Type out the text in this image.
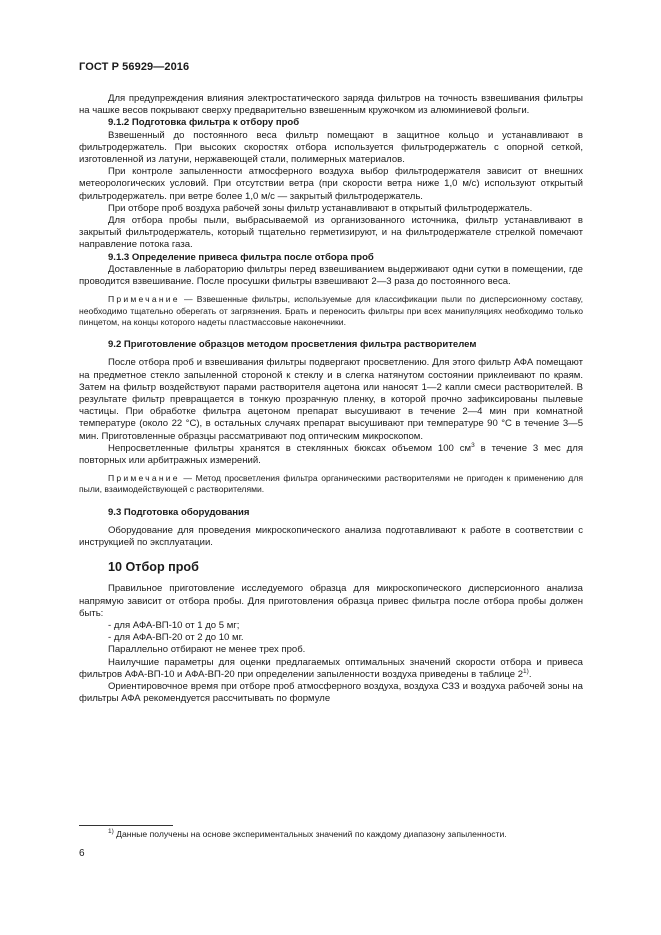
ГОСТ Р 56929—2016

Для предупреждения влияния электростатического заряда фильтров на точность взвешивания фильтры на чашке весов покрывают сверху предварительно взвешенным кружочком из алюминиевой фольги.

9.1.2 Подготовка фильтра к отбору проб

Взвешенный до постоянного веса фильтр помещают в защитное кольцо и устанавливают в фильтродержатель. При высоких скоростях отбора используется фильтродержатель с опорной сеткой, изготовленной из латуни, нержавеющей стали, полимерных материалов.

При контроле запыленности атмосферного воздуха выбор фильтродержателя зависит от внешних метеорологических условий. При отсутствии ветра (при скорости ветра ниже 1,0 м/с) используют открытый фильтродержатель. при ветре более 1,0 м/с — закрытый фильтродержатель.

При отборе проб воздуха рабочей зоны фильтр устанавливают в открытый фильтродержатель.

Для отбора пробы пыли, выбрасываемой из организованного источника, фильтр устанавливают в закрытый фильтродержатель, который тщательно герметизируют, и на фильтродержателе стрелкой помечают направление потока газа.

9.1.3 Определение привеса фильтра после отбора проб

Доставленные в лабораторию фильтры перед взвешиванием выдерживают одни сутки в помещении, где проводится взвешивание. После просушки фильтры взвешивают 2—3 раза до постоянного веса.

Примечание — Взвешенные фильтры, используемые для классификации пыли по дисперсионному составу, необходимо тщательно оберегать от загрязнения. Брать и переносить фильтры при всех манипуляциях необходимо только пинцетом, на концы которого надеты пластмассовые наконечники.

9.2 Приготовление образцов методом просветления фильтра растворителем

После отбора проб и взвешивания фильтры подвергают просветлению. Для этого фильтр АФА помещают на предметное стекло запыленной стороной к стеклу и в слегка натянутом состоянии приклеивают по краям. Затем на фильтр воздействуют парами растворителя ацетона или наносят 1—2 капли смеси растворителей. В результате фильтр превращается в тонкую прозрачную пленку, в которой прочно зафиксированы пылевые частицы. При обработке фильтра ацетоном препарат высушивают в течение 2—4 мин при комнатной температуре (около 22 °С), в остальных случаях препарат высушивают при температуре 90 °С в течение 3—5 мин. Приготовленные образцы рассматривают под оптическим микроскопом.

Непросветленные фильтры хранятся в стеклянных бюксах объемом 100 $см^3$ в течение 3 мес для повторных или арбитражных измерений.

Примечание — Метод просветления фильтра органическими растворителями не пригоден к применению для пыли, взаимодействующей с растворителями.

9.3 Подготовка оборудования

Оборудование для проведения микроскопического анализа подготавливают к работе в соответствии с инструкцией по эксплуатации.

10 Отбор проб

Правильное приготовление исследуемого образца для микроскопического дисперсионного анализа напрямую зависит от отбора пробы. Для приготовления образца привес фильтра после отбора пробы должен быть:

- для АФА-ВП-10 от 1 до 5 мг;

- для АФА-ВП-20 от 2 до 10 мг.

Параллельно отбирают не менее трех проб.

Наилучшие параметры для оценки предлагаемых оптимальных значений скорости отбора и привеса фильтров АФА-ВП-10 и АФА-ВП-20 при определении запыленности воздуха приведены в таблице 2$^{1)}$.

Ориентировочное время при отборе проб атмосферного воздуха, воздуха СЗЗ и воздуха рабочей зоны на фильтры АФА рекомендуется рассчитывать по формуле

$^{1)}$ Данные получены на основе экспериментальных значений по каждому диапазону запыленности.
6
